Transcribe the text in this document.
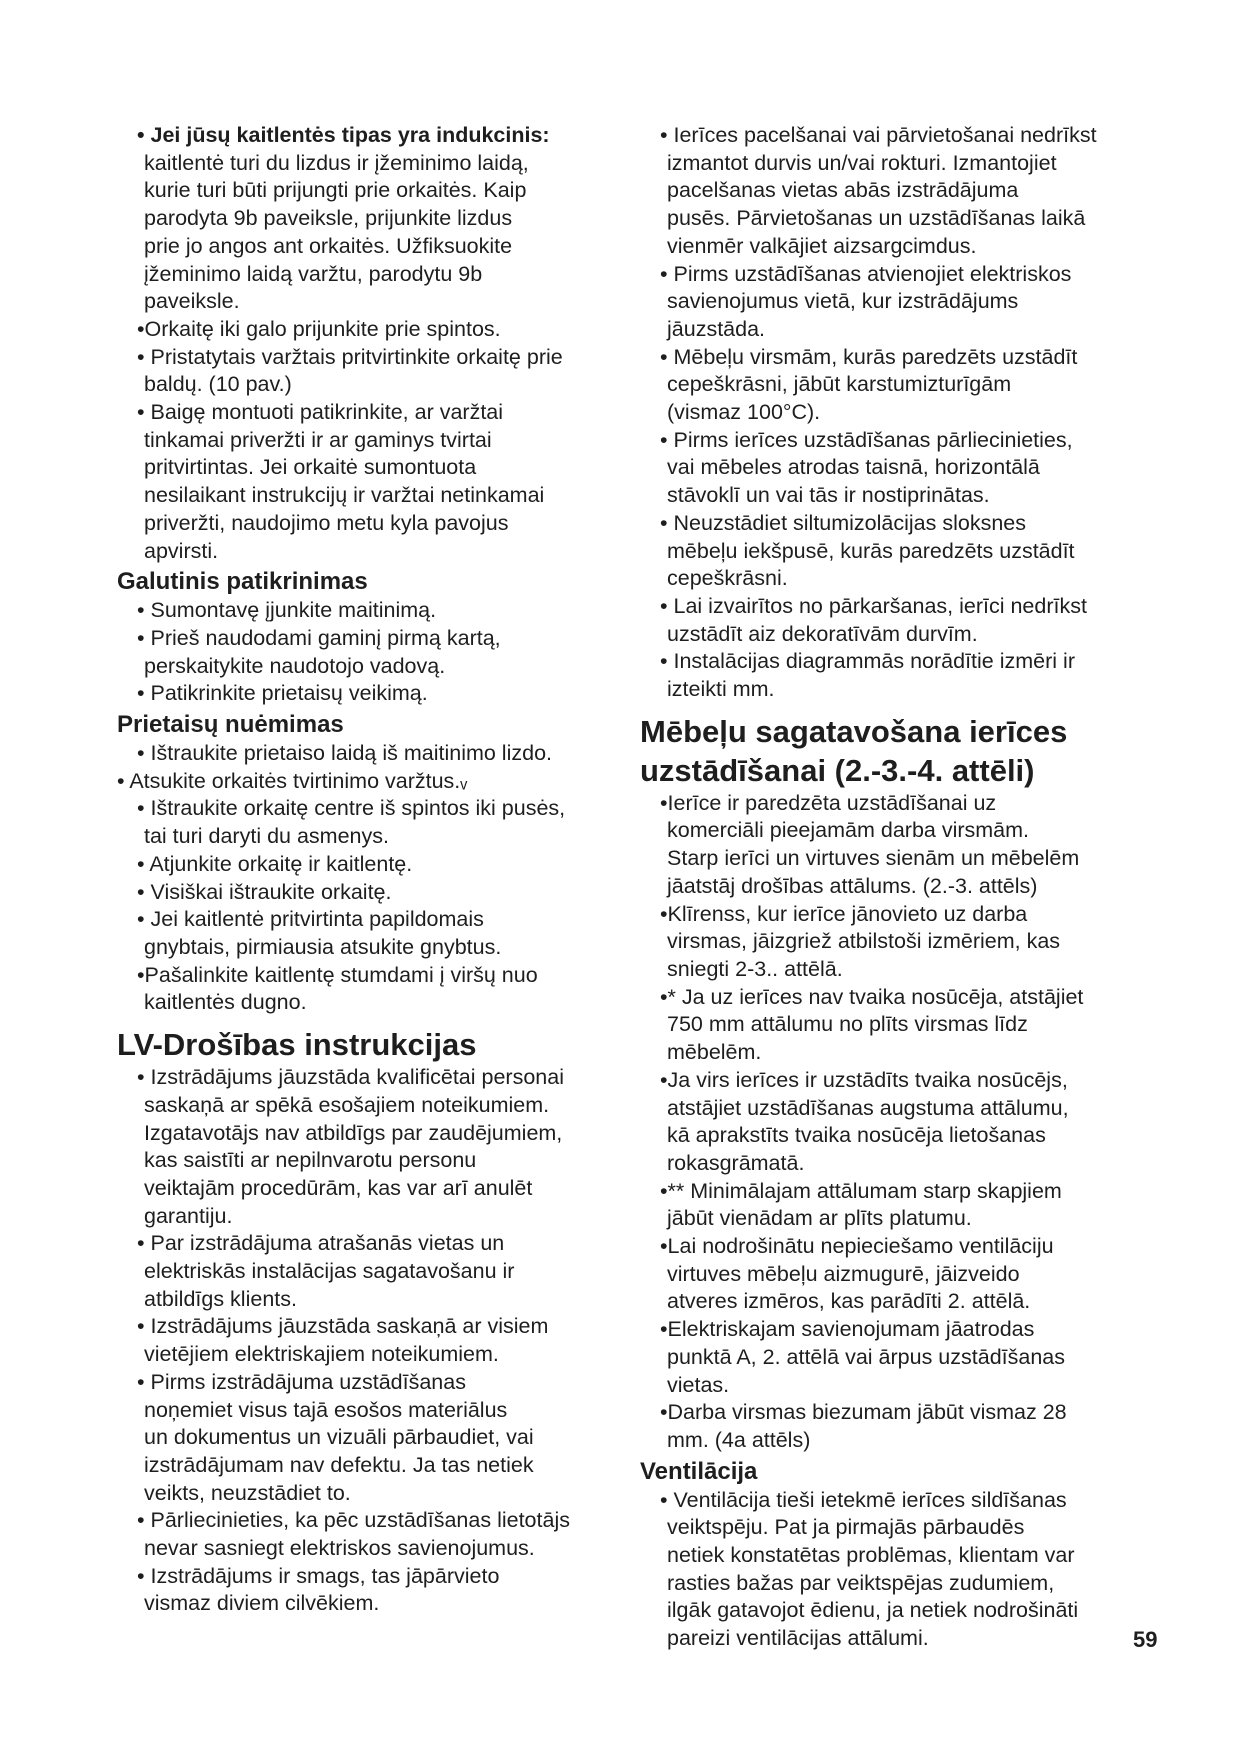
• Jei jūsų kaitlentės tipas yra indukcinis:
kaitlentė turi du lizdus ir įžeminimo laidą,
kurie turi būti prijungti prie orkaitės. Kaip
parodyta 9b paveiksle, prijunkite lizdus
prie jo angos ant orkaitės. Užfiksuokite
įžeminimo laidą varžtu, parodytu 9b
paveiksle.
•Orkaitę iki galo prijunkite prie spintos.
• Pristatytais varžtais pritvirtinkite orkaitę prie
baldų. (10 pav.)
• Baigę montuoti patikrinkite, ar varžtai
tinkamai priveržti ir ar gaminys tvirtai
pritvirtintas. Jei orkaitė sumontuota
nesilaikant instrukcijų ir varžtai netinkamai
priveržti, naudojimo metu kyla pavojus
apvirsti.
Galutinis patikrinimas
• Sumontavę įjunkite maitinimą.
• Prieš naudodami gaminį pirmą kartą,
perskaitykite naudotojo vadovą.
• Patikrinkite prietaisų veikimą.
Prietaisų nuėmimas
• Ištraukite prietaiso laidą iš maitinimo lizdo.
• Atsukite orkaitės tvirtinimo varžtus.ᵥ
• Ištraukite orkaitę centre iš spintos iki pusės,
tai turi daryti du asmenys.
• Atjunkite orkaitę ir kaitlentę.
• Visiškai ištraukite orkaitę.
• Jei kaitlentė pritvirtinta papildomais
gnybtais, pirmiausia atsukite gnybtus.
•Pašalinkite kaitlentę stumdami į viršų nuo
kaitlentės dugno.
LV-Drošības instrukcijas
• Izstrādājums jāuzstāda kvalificētai personai
saskaņā ar spēkā esošajiem noteikumiem.
Izgatavotājs nav atbildīgs par zaudējumiem,
kas saistīti ar nepilnvarotu personu
veiktajām procedūrām, kas var arī anulēt
garantiju.
• Par izstrādājuma atrašanās vietas un
elektriskās instalācijas sagatavošanu ir
atbildīgs klients.
• Izstrādājums jāuzstāda saskaņā ar visiem
vietējiem elektriskajiem noteikumiem.
• Pirms izstrādājuma uzstādīšanas
noņemiet visus tajā esošos materiālus
un dokumentus un vizuāli pārbaudiet, vai
izstrādājumam nav defektu. Ja tas netiek
veikts, neuzstādiet to.
• Pārliecinieties, ka pēc uzstādīšanas lietotājs
nevar sasniegt elektriskos savienojumus.
• Izstrādājums ir smags, tas jāpārvieto
vismaz diviem cilvēkiem.
• Ierīces pacelšanai vai pārvietošanai nedrīkst
izmantot durvis un/vai rokturi. Izmantojiet
pacelšanas vietas abās izstrādājuma
pusēs. Pārvietošanas un uzstādīšanas laikā
vienmēr valkājiet aizsargcimdus.
• Pirms uzstādīšanas atvienojiet elektriskos
savienojumus vietā, kur izstrādājums
jāuzstāda.
• Mēbeļu virsmām, kurās paredzēts uzstādīt
cepeškrāsni, jābūt karstumizturīgām
(vismaz 100°C).
• Pirms ierīces uzstādīšanas pārliecinieties,
vai mēbeles atrodas taisnā, horizontālā
stāvoklī un vai tās ir nostiprinātas.
• Neuzstādiet siltumizolācijas sloksnes
mēbeļu iekšpusē, kurās paredzēts uzstādīt
cepeškrāsni.
• Lai izvairītos no pārkaršanas, ierīci nedrīkst
uzstādīt aiz dekoratīvām durvīm.
• Instalācijas diagrammās norādītie izmēri ir
izteikti mm.
Mēbeļu sagatavošana ierīces
uzstādīšanai (2.-3.-4. attēli)
•Ierīce ir paredzēta uzstādīšanai uz
komerciāli pieejamām darba virsmām.
Starp ierīci un virtuves sienām un mēbelēm
jāatstāj drošības attālums. (2.-3. attēls)
•Klīrenss, kur ierīce jānovieto uz darba
virsmas, jāizgriež atbilstoši izmēriem, kas
sniegti 2-3.. attēlā.
•* Ja uz ierīces nav tvaika nosūcēja, atstājiet
750 mm attālumu no plīts virsmas līdz
mēbelēm.
•Ja virs ierīces ir uzstādīts tvaika nosūcējs,
atstājiet uzstādīšanas augstuma attālumu,
kā aprakstīts tvaika nosūcēja lietošanas
rokasgrāmatā.
•** Minimālajam attālumam starp skapjiem
jābūt vienādam ar plīts platumu.
•Lai nodrošinātu nepieciešamo ventilāciju
virtuves mēbeļu aizmugurē, jāizveido
atveres izmēros, kas parādīti 2. attēlā.
•Elektriskajam savienojumam jāatrodas
punktā A, 2. attēlā vai ārpus uzstādīšanas
vietas.
•Darba virsmas biezumam jābūt vismaz 28
mm. (4a attēls)
Ventilācija
• Ventilācija tieši ietekmē ierīces sildīšanas
veiktspēju. Pat ja pirmajās pārbaudēs
netiek konstatētas problēmas, klientam var
rasties bažas par veiktspējas zudumiem,
ilgāk gatavojot ēdienu, ja netiek nodrošināti
pareizi ventilācijas attālumi.	59
